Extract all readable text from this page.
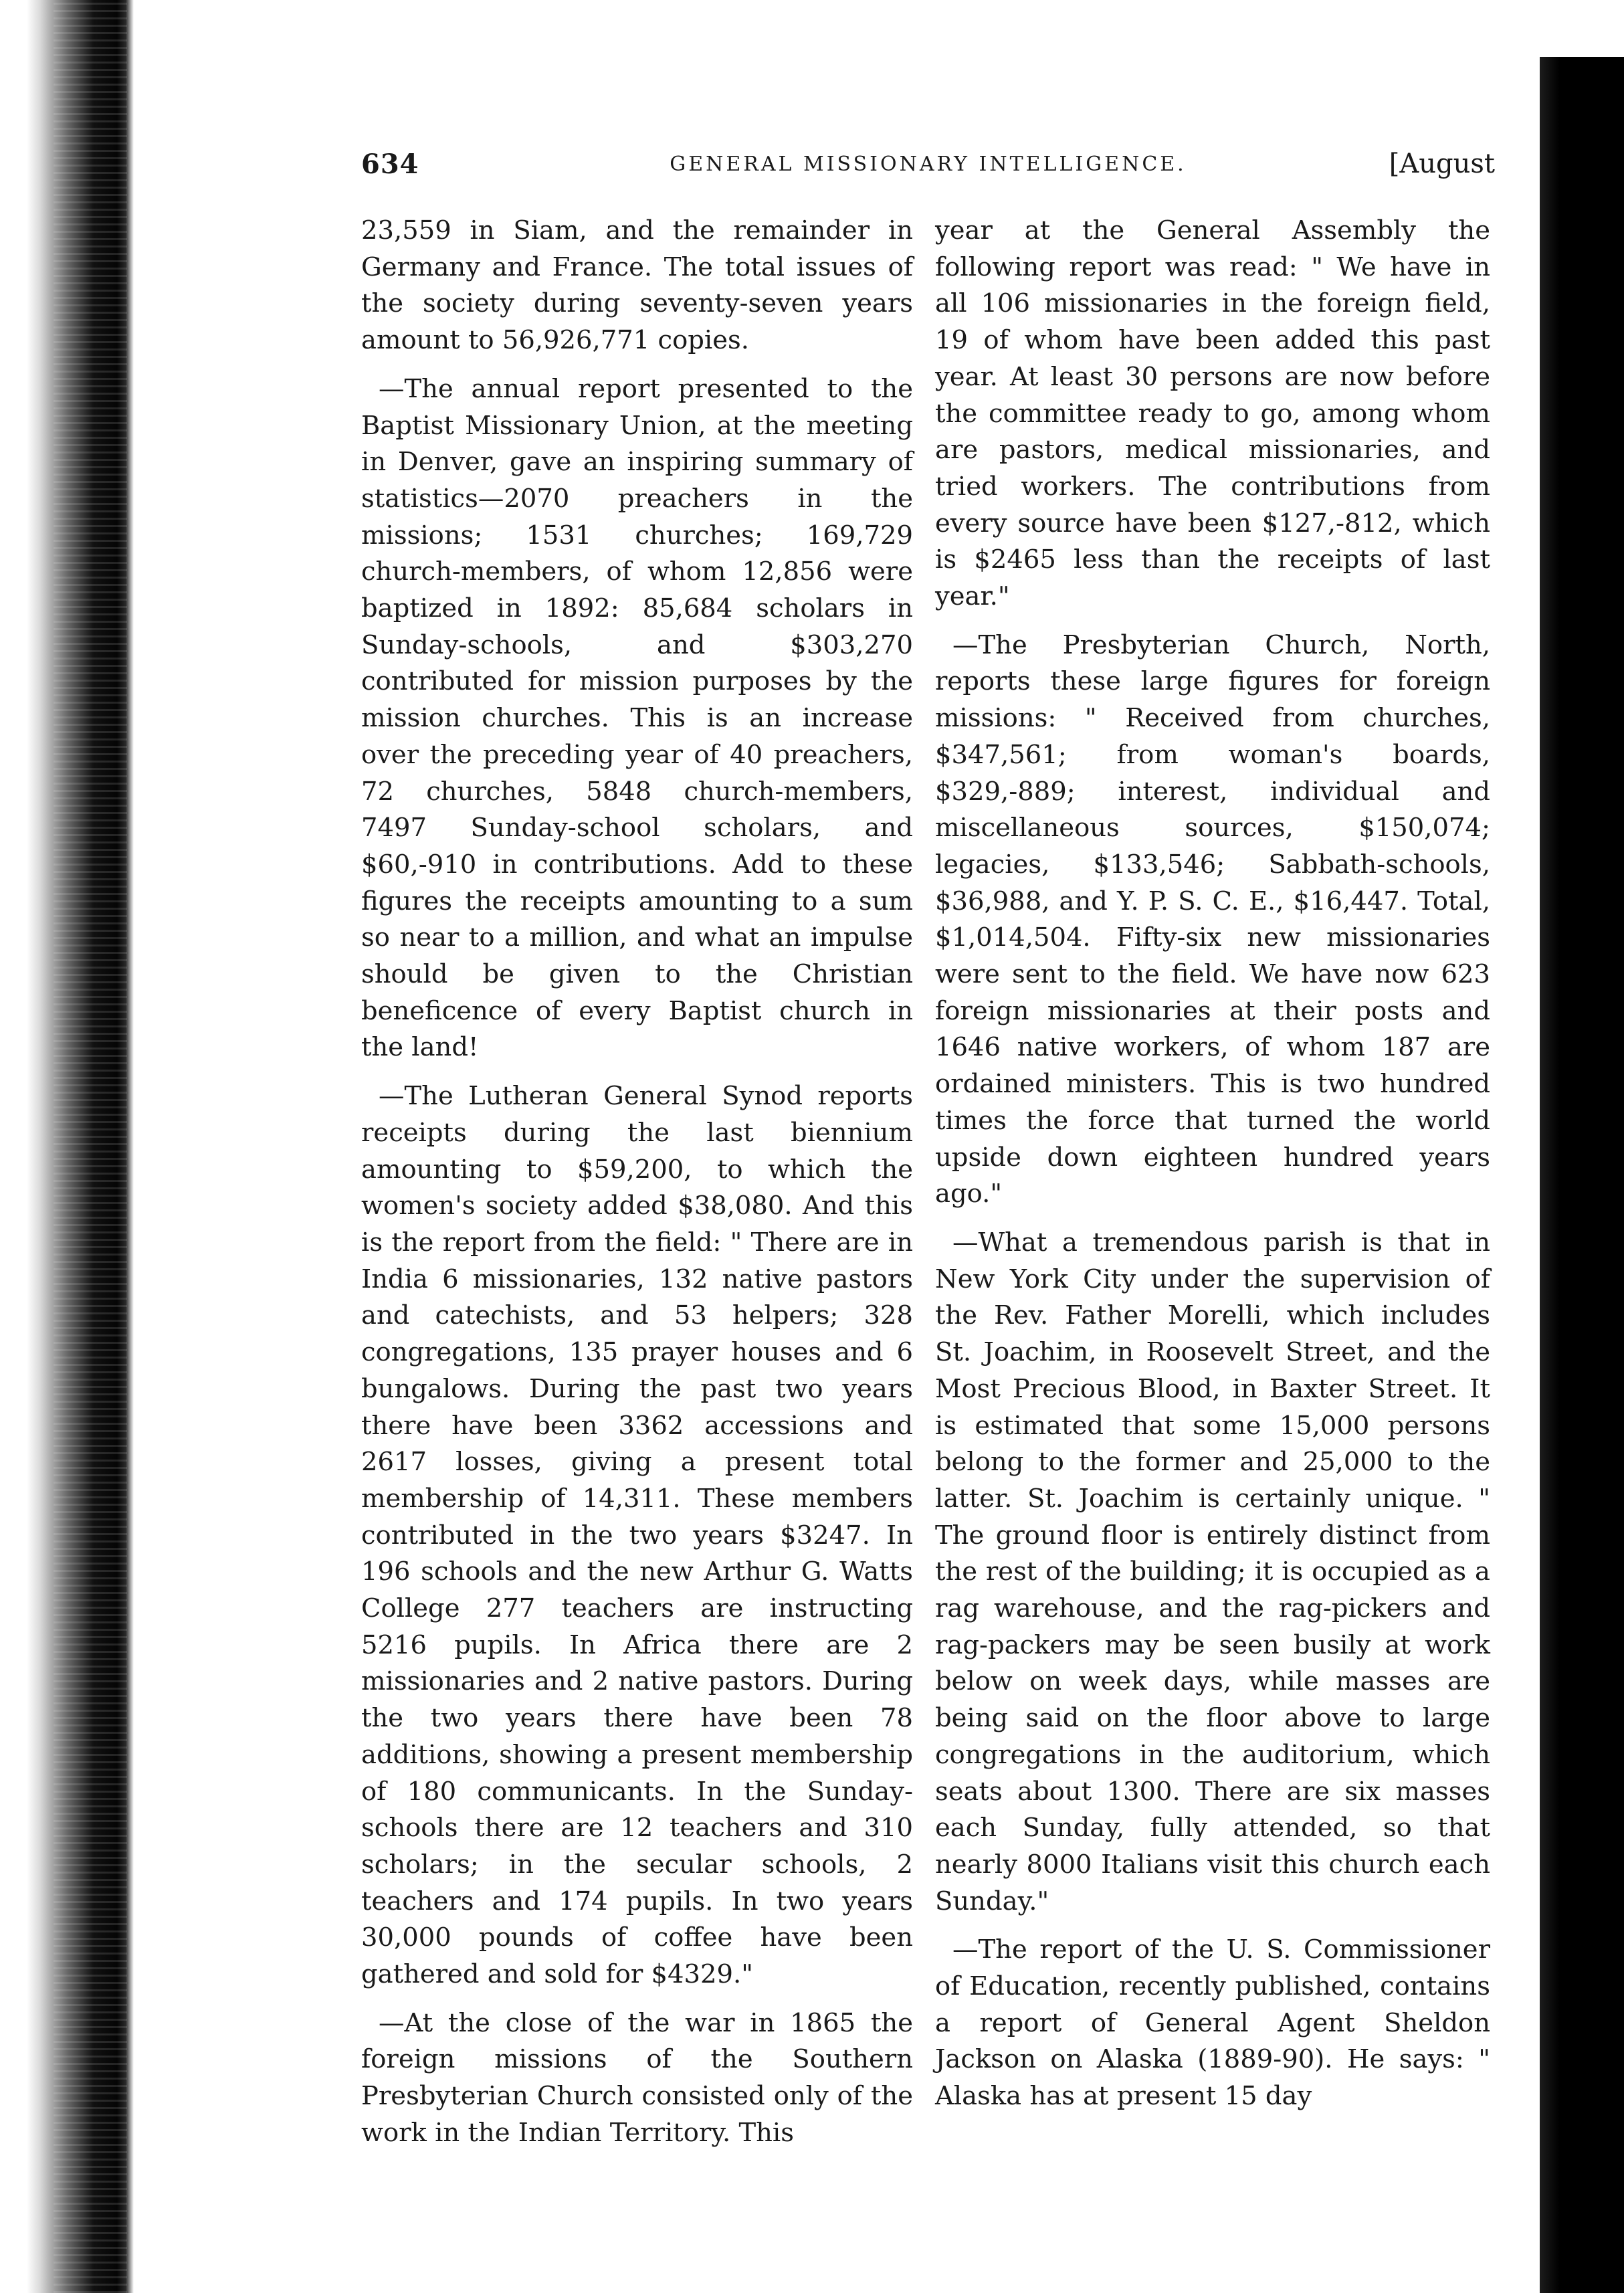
634	GENERAL MISSIONARY INTELLIGENCE.	[August

23,559 in Siam, and the remainder in Germany and France. The total issues of the society during seventy-seven years amount to 56,926,771 copies.

—The annual report presented to the Baptist Missionary Union, at the meeting in Denver, gave an inspiring summary of statistics—2070 preachers in the missions; 1531 churches; 169,729 church-members, of whom 12,856 were baptized in 1892: 85,684 scholars in Sunday-schools, and $303,270 contributed for mission purposes by the mission churches. This is an increase over the preceding year of 40 preachers, 72 churches, 5848 church-members, 7497 Sunday-school scholars, and $60,-910 in contributions. Add to these figures the receipts amounting to a sum so near to a million, and what an impulse should be given to the Christian beneficence of every Baptist church in the land!

—The Lutheran General Synod reports receipts during the last biennium amounting to $59,200, to which the women's society added $38,080. And this is the report from the field: " There are in India 6 missionaries, 132 native pastors and catechists, and 53 helpers; 328 congregations, 135 prayer houses and 6 bungalows. During the past two years there have been 3362 accessions and 2617 losses, giving a present total membership of 14,311. These members contributed in the two years $3247. In 196 schools and the new Arthur G. Watts College 277 teachers are instructing 5216 pupils. In Africa there are 2 missionaries and 2 native pastors. During the two years there have been 78 additions, showing a present membership of 180 communicants. In the Sunday-schools there are 12 teachers and 310 scholars; in the secular schools, 2 teachers and 174 pupils. In two years 30,000 pounds of coffee have been gathered and sold for $4329."

—At the close of the war in 1865 the foreign missions of the Southern Presbyterian Church consisted only of the work in the Indian Territory. This

year at the General Assembly the following report was read: " We have in all 106 missionaries in the foreign field, 19 of whom have been added this past year. At least 30 persons are now before the committee ready to go, among whom are pastors, medical missionaries, and tried workers. The contributions from every source have been $127,-812, which is $2465 less than the receipts of last year."

—The Presbyterian Church, North, reports these large figures for foreign missions: " Received from churches, $347,561; from woman's boards, $329,-889; interest, individual and miscellaneous sources, $150,074; legacies, $133,546; Sabbath-schools, $36,988, and Y. P. S. C. E., $16,447. Total, $1,014,504. Fifty-six new missionaries were sent to the field. We have now 623 foreign missionaries at their posts and 1646 native workers, of whom 187 are ordained ministers. This is two hundred times the force that turned the world upside down eighteen hundred years ago."

—What a tremendous parish is that in New York City under the supervision of the Rev. Father Morelli, which includes St. Joachim, in Roosevelt Street, and the Most Precious Blood, in Baxter Street. It is estimated that some 15,000 persons belong to the former and 25,000 to the latter. St. Joachim is certainly unique. " The ground floor is entirely distinct from the rest of the building; it is occupied as a rag warehouse, and the rag-pickers and rag-packers may be seen busily at work below on week days, while masses are being said on the floor above to large congregations in the auditorium, which seats about 1300. There are six masses each Sunday, fully attended, so that nearly 8000 Italians visit this church each Sunday."

—The report of the U. S. Commissioner of Education, recently published, contains a report of General Agent Sheldon Jackson on Alaska (1889-90). He says: " Alaska has at present 15 day
